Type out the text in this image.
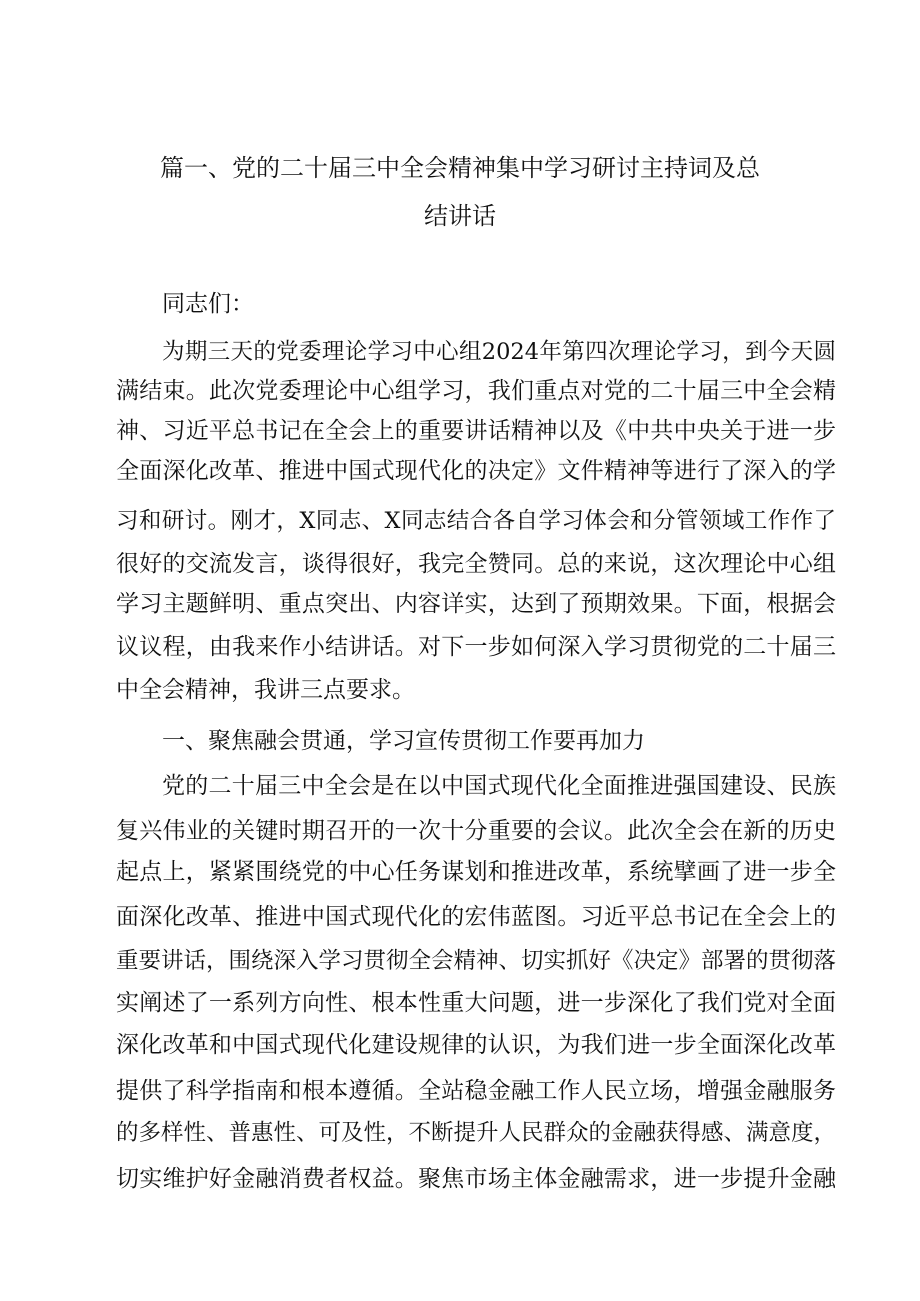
篇一、党的二十届三中全会精神集中学习研讨主持词及总
结讲话
同志们：
为期三天的党委理论学习中心组2024年第四次理论学习，到今天圆
满结束。此次党委理论中心组学习，我们重点对党的二十届三中全会精
神、习近平总书记在全会上的重要讲话精神以及《中共中央关于进一步
全面深化改革、推进中国式现代化的决定》文件精神等进行了深入的学
习和研讨。刚才，X同志、X同志结合各自学习体会和分管领域工作作了
很好的交流发言，谈得很好，我完全赞同。总的来说，这次理论中心组
学习主题鲜明、重点突出、内容详实，达到了预期效果。下面，根据会
议议程，由我来作小结讲话。对下一步如何深入学习贯彻党的二十届三
中全会精神，我讲三点要求。
一、聚焦融会贯通，学习宣传贯彻工作要再加力
党的二十届三中全会是在以中国式现代化全面推进强国建设、民族
复兴伟业的关键时期召开的一次十分重要的会议。此次全会在新的历史
起点上，紧紧围绕党的中心任务谋划和推进改革，系统擘画了进一步全
面深化改革、推进中国式现代化的宏伟蓝图。习近平总书记在全会上的
重要讲话，围绕深入学习贯彻全会精神、切实抓好《决定》部署的贯彻落
实阐述了一系列方向性、根本性重大问题，进一步深化了我们党对全面
深化改革和中国式现代化建设规律的认识，为我们进一步全面深化改革
提供了科学指南和根本遵循。全站稳金融工作人民立场，增强金融服务
的多样性、普惠性、可及性，不断提升人民群众的金融获得感、满意度，
切实维护好金融消费者权益。聚焦市场主体金融需求，进一步提升金融
